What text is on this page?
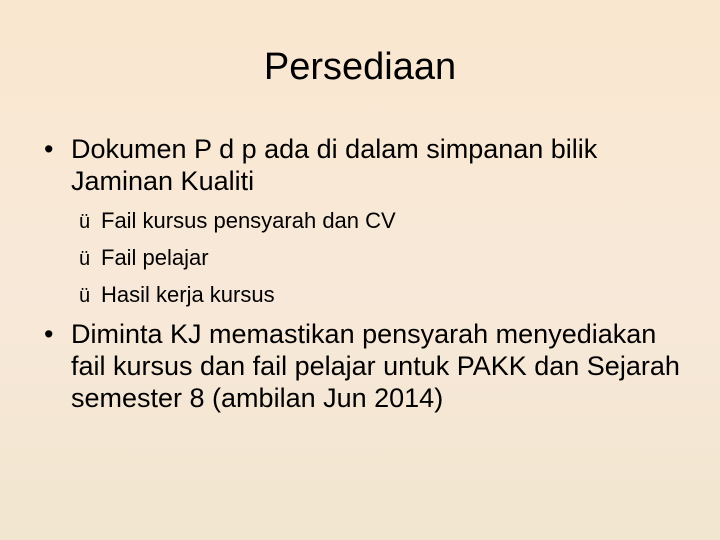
Persediaan
• Dokumen P d p ada di dalam simpanan bilik Jaminan Kualiti
ü Fail kursus pensyarah dan CV
ü Fail pelajar
ü Hasil kerja kursus
• Diminta KJ memastikan pensyarah menyediakan fail kursus dan fail pelajar untuk PAKK dan Sejarah semester 8 (ambilan Jun 2014)
